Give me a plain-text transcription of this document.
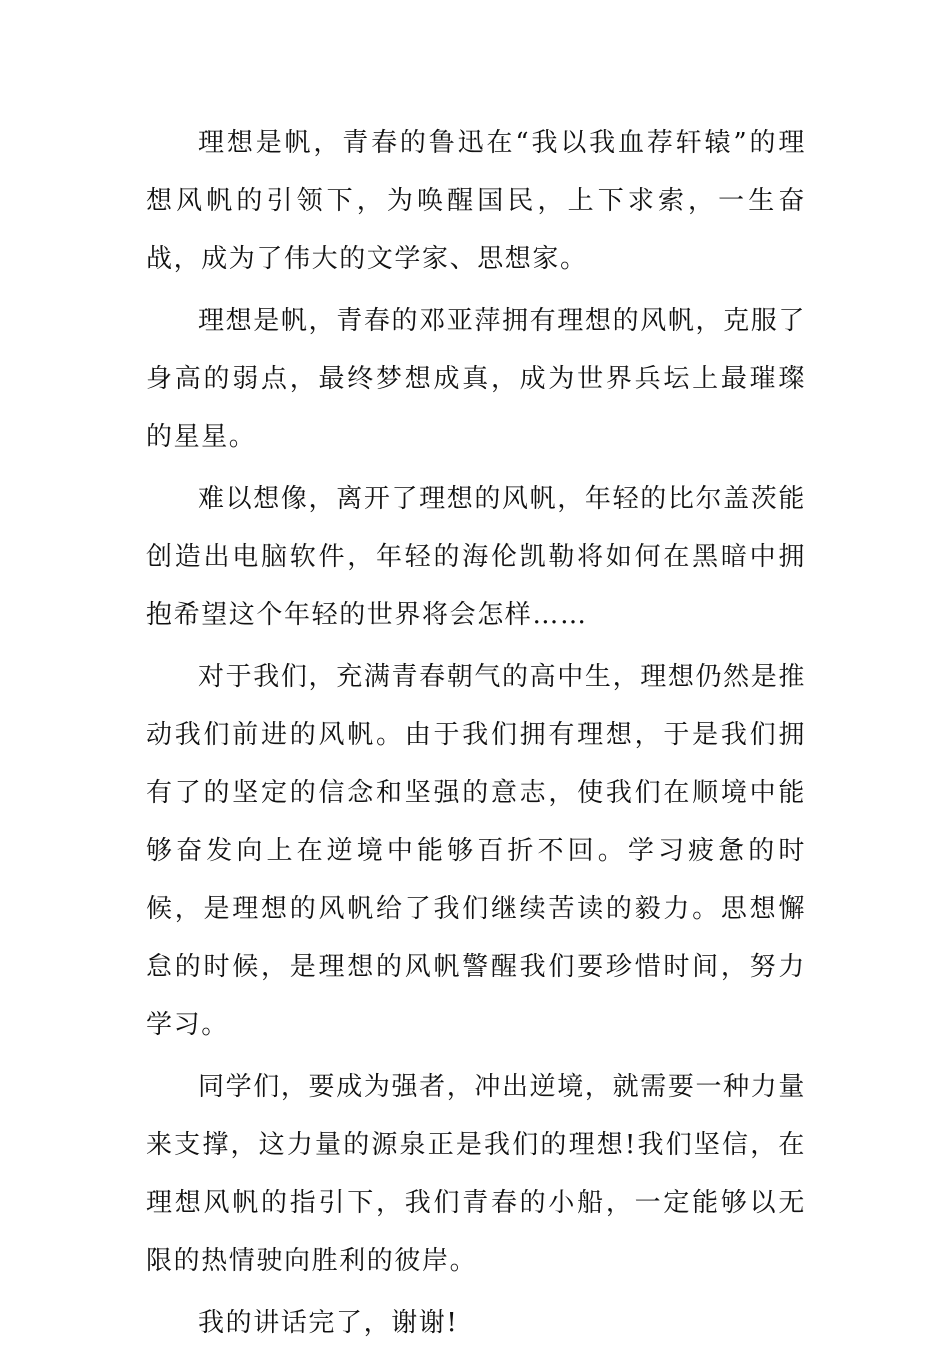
理想是帆，青春的鲁迅在“我以我血荐轩辕”的理想风帆的引领下，为唤醒国民，上下求索，一生奋战，成为了伟大的文学家、思想家。

理想是帆，青春的邓亚萍拥有理想的风帆，克服了身高的弱点，最终梦想成真，成为世界兵坛上最璀璨的星星。

难以想像，离开了理想的风帆，年轻的比尔盖茨能创造出电脑软件，年轻的海伦凯勒将如何在黑暗中拥抱希望这个年轻的世界将会怎样……

对于我们，充满青春朝气的高中生，理想仍然是推动我们前进的风帆。由于我们拥有理想，于是我们拥有了的坚定的信念和坚强的意志，使我们在顺境中能够奋发向上在逆境中能够百折不回。学习疲惫的时候，是理想的风帆给了我们继续苦读的毅力。思想懈怠的时候，是理想的风帆警醒我们要珍惜时间，努力学习。

同学们，要成为强者，冲出逆境，就需要一种力量来支撑，这力量的源泉正是我们的理想!我们坚信，在理想风帆的指引下，我们青春的小船，一定能够以无限的热情驶向胜利的彼岸。

我的讲话完了，谢谢!
